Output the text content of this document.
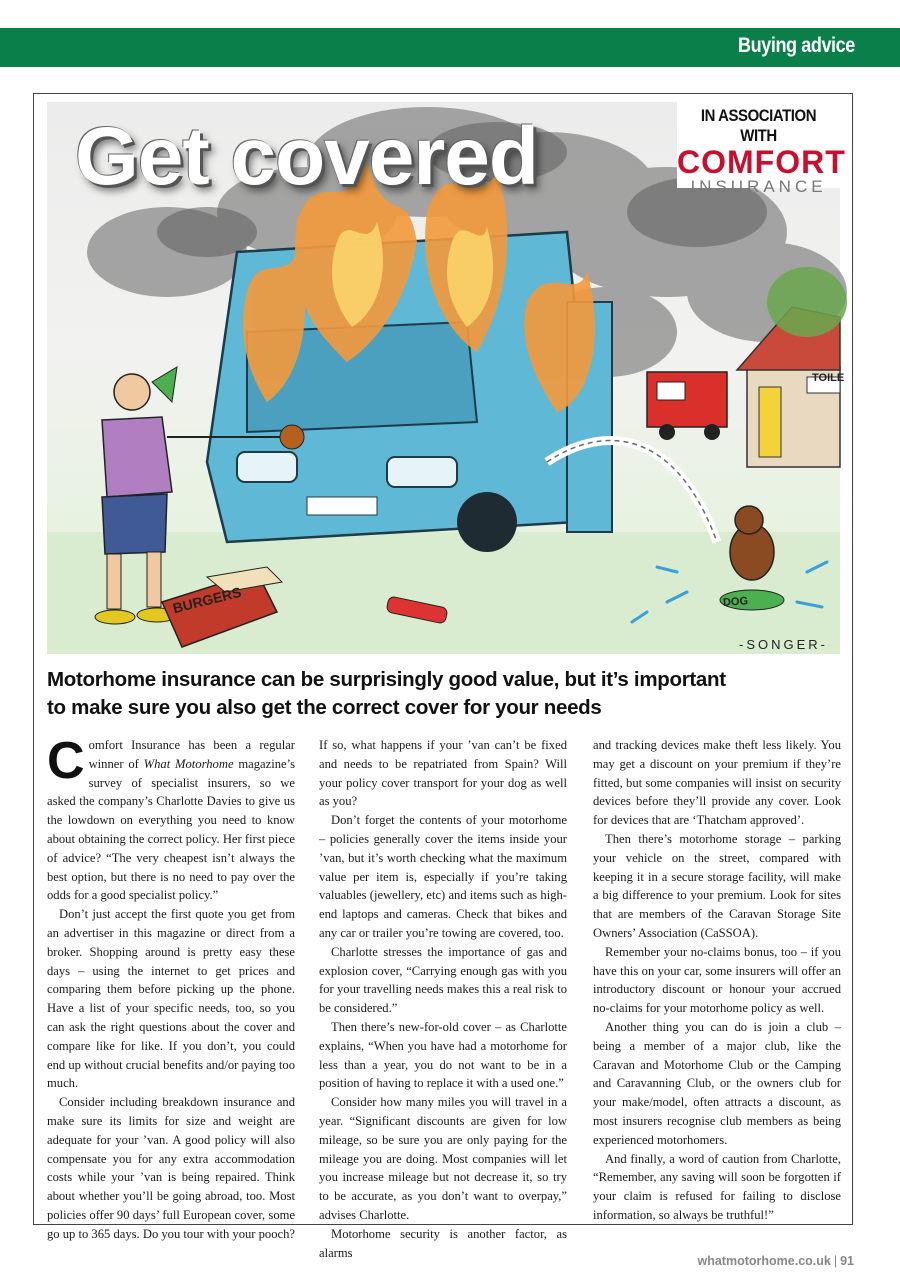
Buying advice
Get covered	IN ASSOCIATION WITH
COMFORT
INSURANCE
BURGERS	DOG
TOILE
-SONGER-
Motorhome insurance can be surprisingly good value, but it’s important to make sure you also get the correct cover for your needs

Comfort Insurance has been a regular winner of What Motorhome magazine’s survey of specialist insurers, so we asked the company’s Charlotte Davies to give us the lowdown on everything you need to know about obtaining the correct policy. Her first piece of advice? “The very cheapest isn’t always the best option, but there is no need to pay over the odds for a good specialist policy.”

Don’t just accept the first quote you get from an advertiser in this magazine or direct from a broker. Shopping around is pretty easy these days – using the internet to get prices and comparing them before picking up the phone. Have a list of your specific needs, too, so you can ask the right questions about the cover and compare like for like. If you don’t, you could end up without crucial benefits and/or paying too much.

Consider including breakdown insurance and make sure its limits for size and weight are adequate for your ’van. A good policy will also compensate you for any extra accommodation costs while your ’van is being repaired. Think about whether you’ll be going abroad, too. Most policies offer 90 days’ full European cover, some go up to 365 days. Do you tour with your pooch?

If so, what happens if your ’van can’t be fixed and needs to be repatriated from Spain? Will your policy cover transport for your dog as well as you?

Don’t forget the contents of your motorhome – policies generally cover the items inside your ’van, but it’s worth checking what the maximum value per item is, especially if you’re taking valuables (jewellery, etc) and items such as high-end laptops and cameras. Check that bikes and any car or trailer you’re towing are covered, too.

Charlotte stresses the importance of gas and explosion cover, “Carrying enough gas with you for your travelling needs makes this a real risk to be considered.”

Then there’s new-for-old cover – as Charlotte explains, “When you have had a motorhome for less than a year, you do not want to be in a position of having to replace it with a used one.”

Consider how many miles you will travel in a year. “Significant discounts are given for low mileage, so be sure you are only paying for the mileage you are doing. Most companies will let you increase mileage but not decrease it, so try to be accurate, as you don’t want to overpay,” advises Charlotte.

Motorhome security is another factor, as alarms

and tracking devices make theft less likely. You may get a discount on your premium if they’re fitted, but some companies will insist on security devices before they’ll provide any cover. Look for devices that are ‘Thatcham approved’.

Then there’s motorhome storage – parking your vehicle on the street, compared with keeping it in a secure storage facility, will make a big difference to your premium. Look for sites that are members of the Caravan Storage Site Owners’ Association (CaSSOA).

Remember your no-claims bonus, too – if you have this on your car, some insurers will offer an introductory discount or honour your accrued no-claims for your motorhome policy as well.

Another thing you can do is join a club – being a member of a major club, like the Caravan and Motorhome Club or the Camping and Caravanning Club, or the owners club for your make/model, often attracts a discount, as most insurers recognise club members as being experienced motorhomers.

And finally, a word of caution from Charlotte, “Remember, any saving will soon be forgotten if your claim is refused for failing to disclose information, so always be truthful!”

whatmotorhome.co.uk | 91
